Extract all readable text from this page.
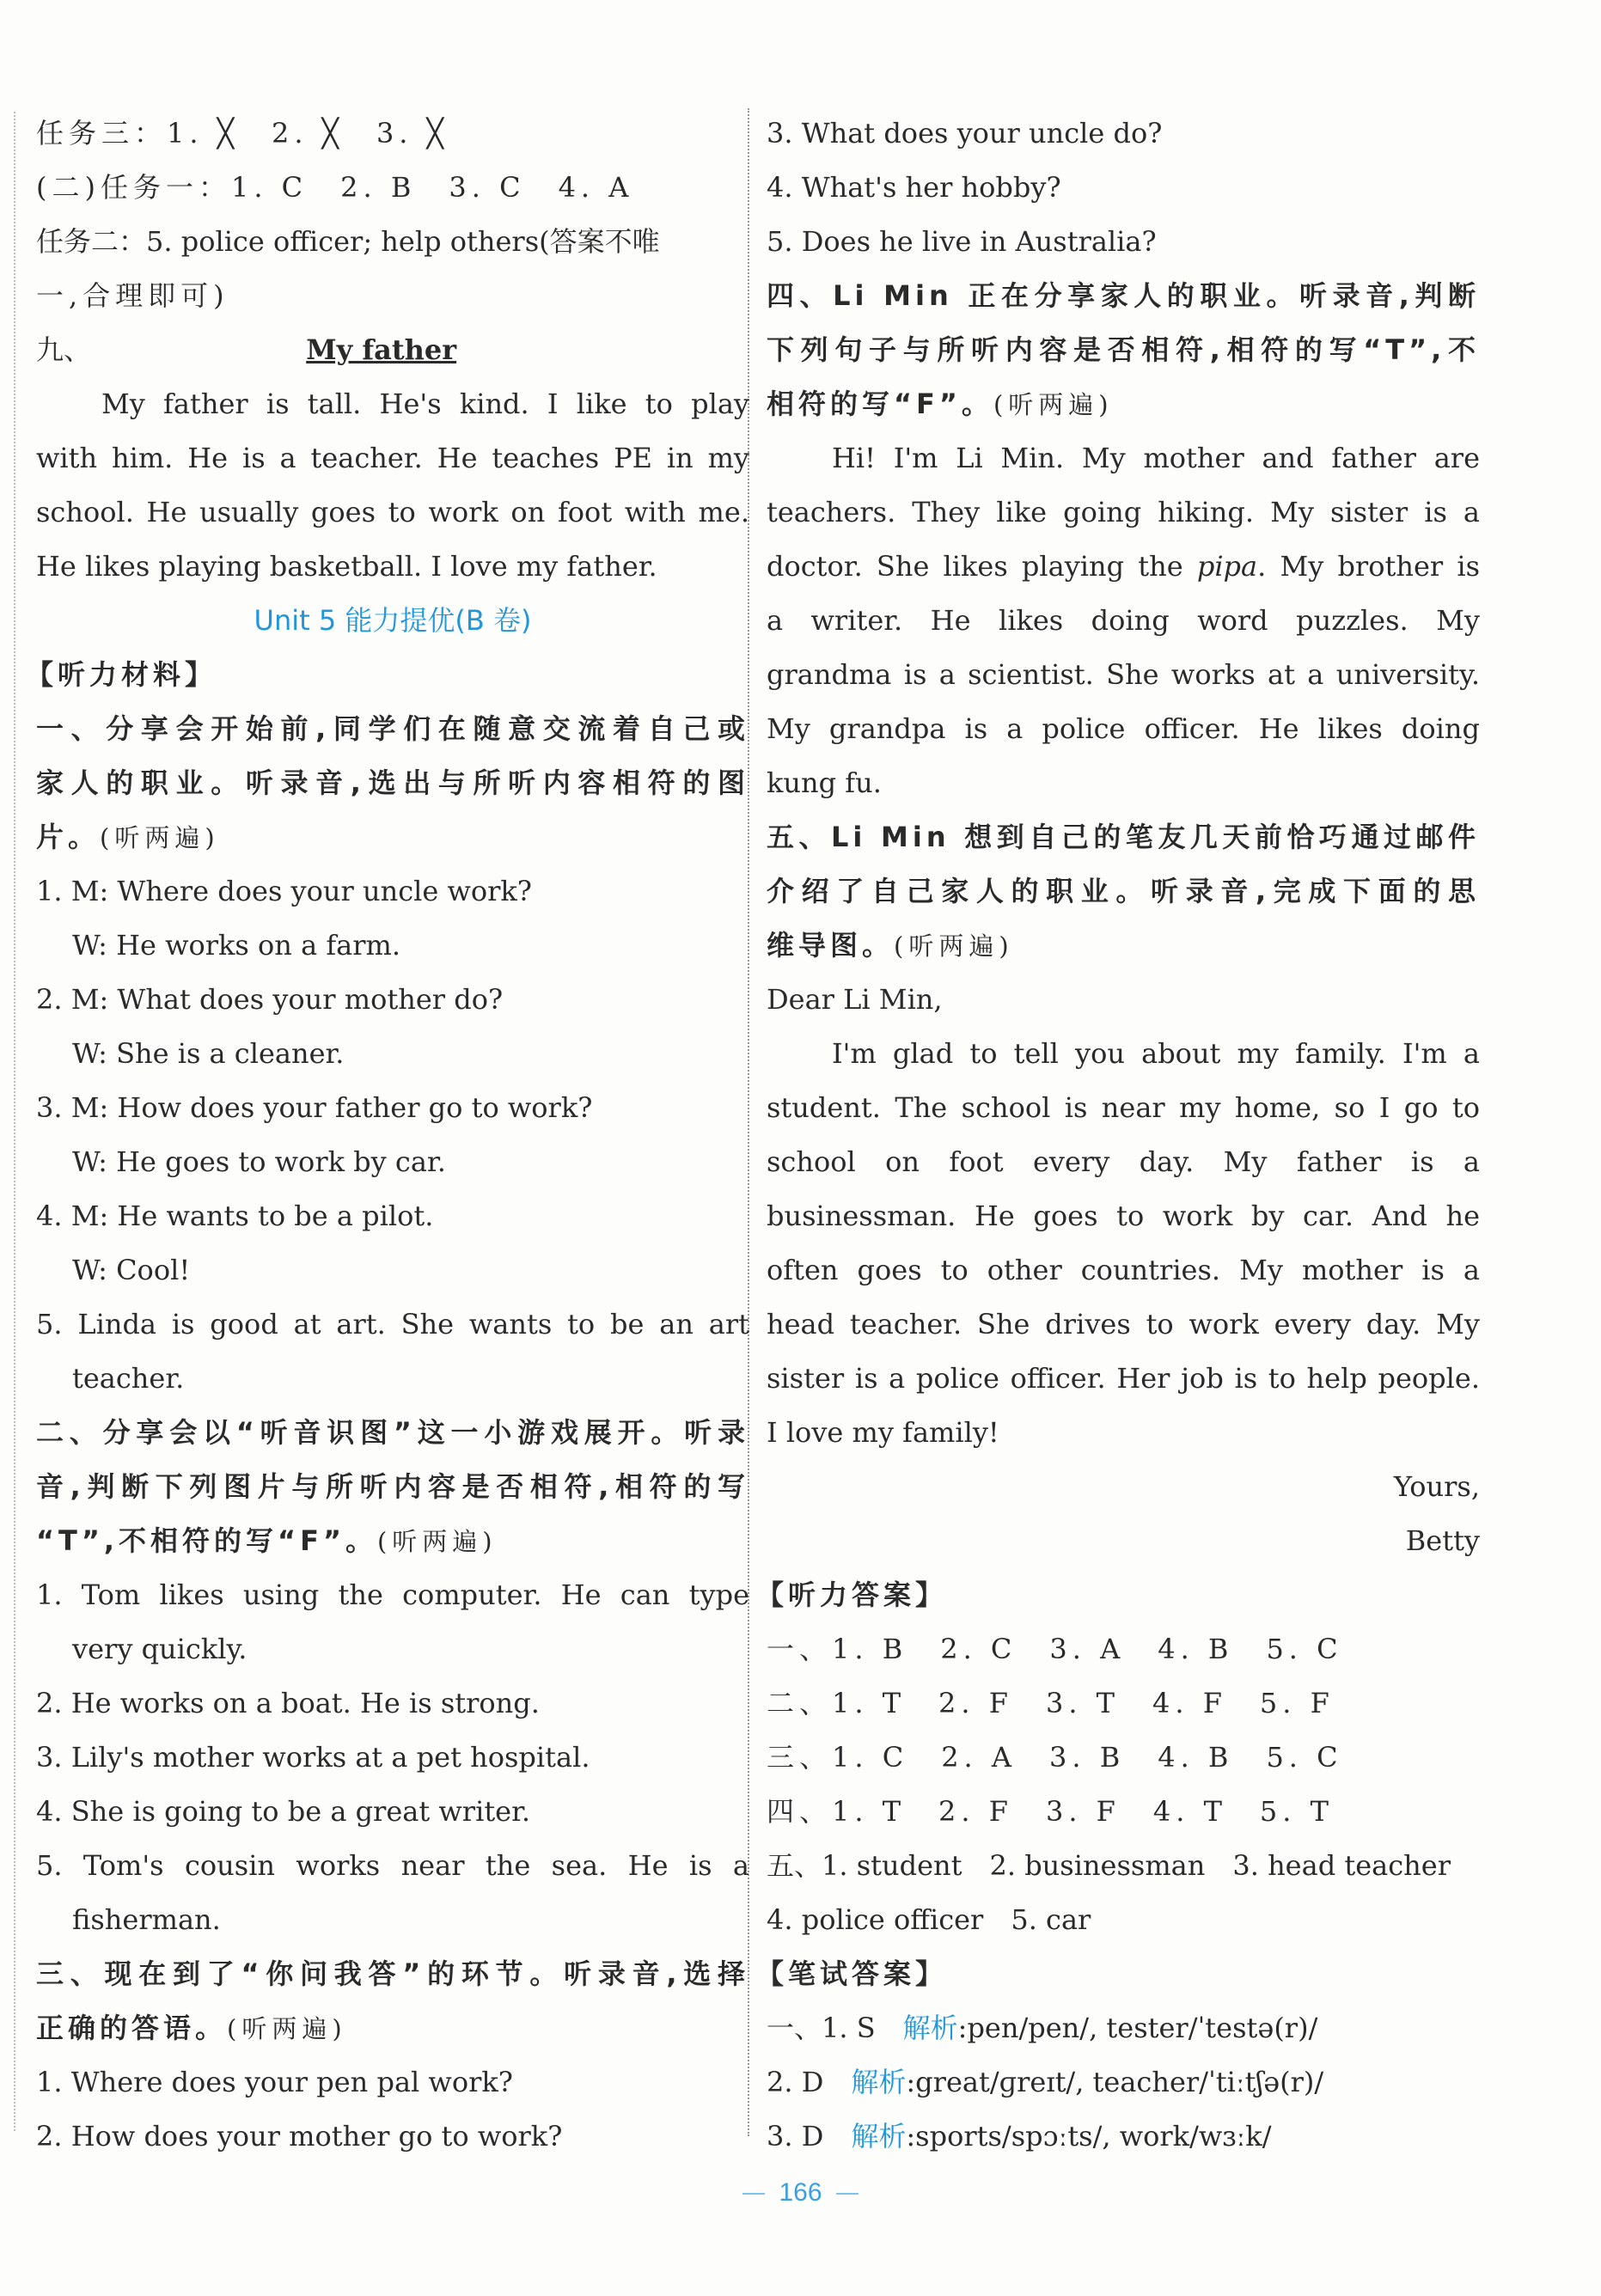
任务三：1. ╳　2. ╳　3. ╳
(二)任务一：1. C　2. B　3. C　4. A
任务二：5. police officer; help others(答案不唯
一,合理即可)
九、	My father
My father is tall. He's kind. I like to play
with him. He is a teacher. He teaches PE in my
school. He usually goes to work on foot with me.
He likes playing basketball. I love my father.
Unit 5 能力提优(B 卷)
【听力材料】
一、分享会开始前,同学们在随意交流着自己或
家人的职业。听录音,选出与所听内容相符的图
片。(听两遍)
1. M: Where does your uncle work?
W: He works on a farm.
2. M: What does your mother do?
W: She is a cleaner.
3. M: How does your father go to work?
W: He goes to work by car.
4. M: He wants to be a pilot.
W: Cool!
5. Linda is good at art. She wants to be an art
teacher.
二、分享会以“听音识图”这一小游戏展开。听录
音,判断下列图片与所听内容是否相符,相符的写
“T”,不相符的写“F”。(听两遍)
1. Tom likes using the computer. He can type
very quickly.
2. He works on a boat. He is strong.
3. Lily's mother works at a pet hospital.
4. She is going to be a great writer.
5. Tom's cousin works near the sea. He is a
fisherman.
三、现在到了“你问我答”的环节。听录音,选择
正确的答语。(听两遍)
1. Where does your pen pal work?
2. How does your mother go to work?
3. What does your uncle do?
4. What's her hobby?
5. Does he live in Australia?
四、Li Min 正在分享家人的职业。听录音,判断
下列句子与所听内容是否相符,相符的写“T”,不
相符的写“F”。(听两遍)
Hi! I'm Li Min. My mother and father are
teachers. They like going hiking. My sister is a
doctor. She likes playing the pipa. My brother is
a writer. He likes doing word puzzles. My
grandma is a scientist. She works at a university.
My grandpa is a police officer. He likes doing
kung fu.
五、Li Min 想到自己的笔友几天前恰巧通过邮件
介绍了自己家人的职业。听录音,完成下面的思
维导图。(听两遍)
Dear Li Min,
I'm glad to tell you about my family. I'm a
student. The school is near my home, so I go to
school on foot every day. My father is a
businessman. He goes to work by car. And he
often goes to other countries. My mother is a
head teacher. She drives to work every day. My
sister is a police officer. Her job is to help people.
I love my family!
Yours,
Betty
【听力答案】
一、1. B　2. C　3. A　4. B　5. C
二、1. T　2. F　3. T　4. F　5. F
三、1. C　2. A　3. B　4. B　5. C
四、1. T　2. F　3. F　4. T　5. T
五、1. student　2. businessman　3. head teacher
4. police officer　5. car
【笔试答案】
一、1. S　解析:pen/pen/, tester/ˈtestə(r)/
2. D　解析:great/ɡreɪt/, teacher/ˈtiːtʃə(r)/
3. D　解析:sports/spɔːts/, work/wɜːk/
166
